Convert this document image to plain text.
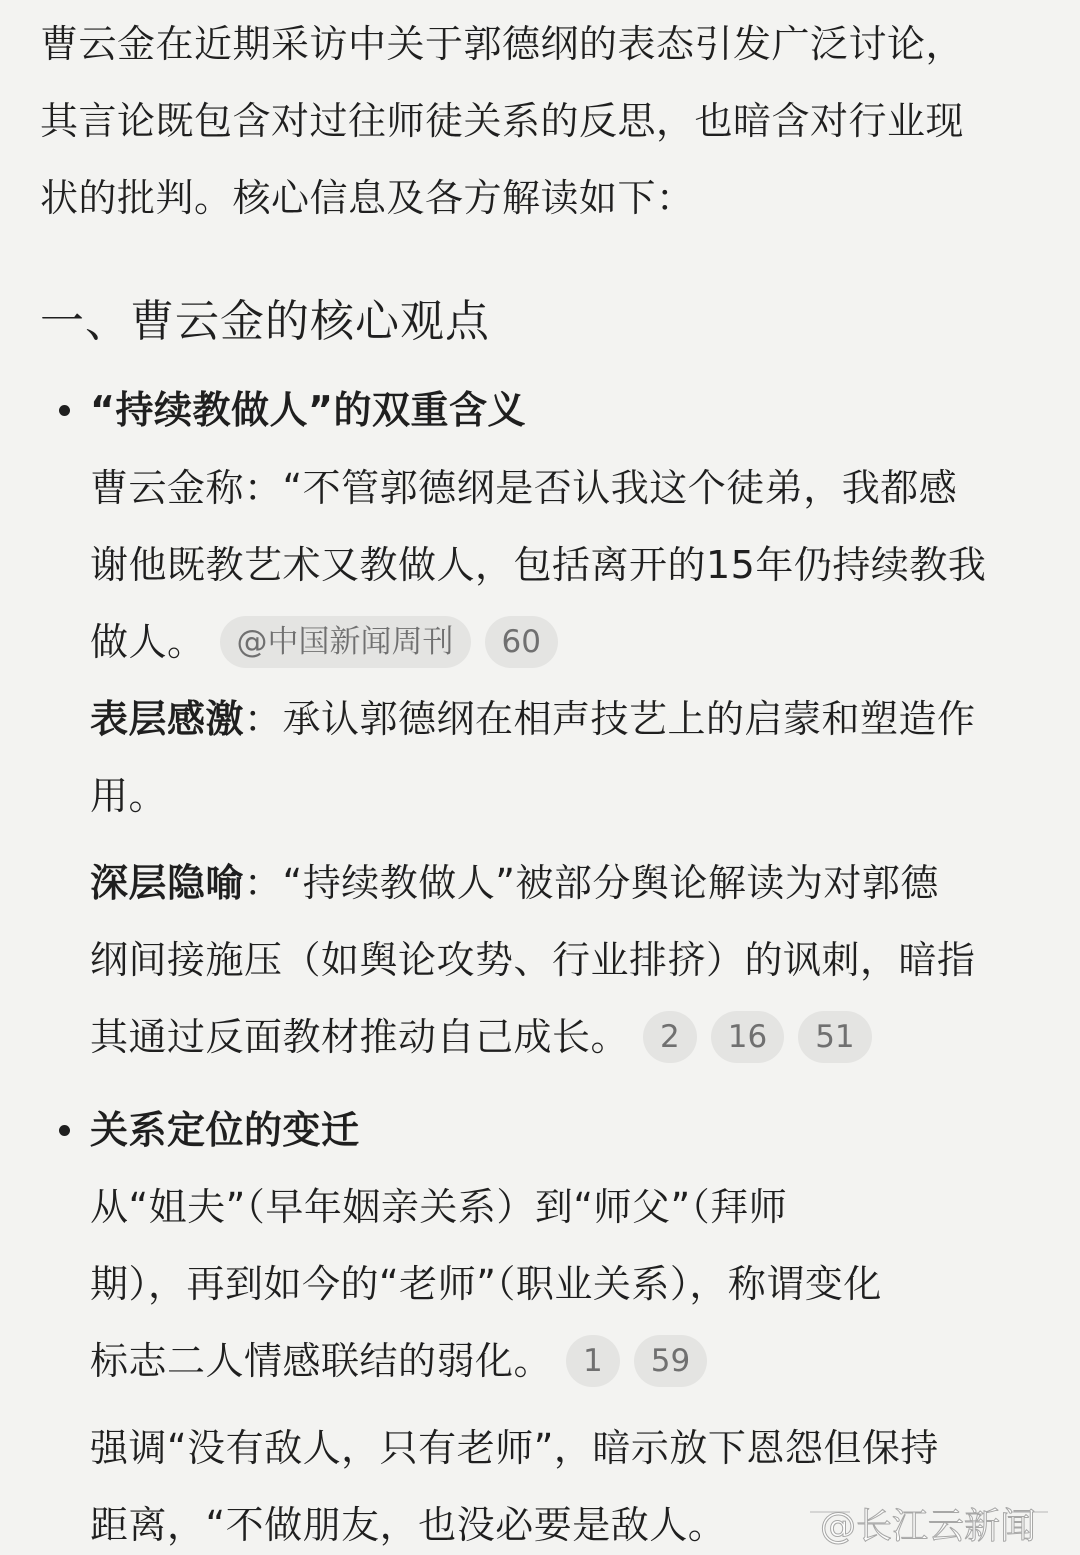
曹云金在近期采访中关于郭德纲的表态引发广泛讨论，
其言论既包含对过往师徒关系的反思，也暗含对行业现
状的批判。核心信息及各方解读如下：
一、曹云金的核心观点
“持续教做人”的双重含义
曹云金称：“不管郭德纲是否认我这个徒弟，我都感
谢他既教艺术又教做人，包括离开的15年仍持续教我
做人。 @中国新闻周刊 60
表层感激：承认郭德纲在相声技艺上的启蒙和塑造作
用。
深层隐喻：“持续教做人”被部分舆论解读为对郭德
纲间接施压（如舆论攻势、行业排挤）的讽刺，暗指
其通过反面教材推动自己成长。 2 16 51
关系定位的变迁
从“姐夫”（早年姻亲关系）到“师父”（拜师
期），再到如今的“老师”（职业关系），称谓变化
标志二人情感联结的弱化。 1 59
强调“没有敌人，只有老师”，暗示放下恩怨但保持
距离，“不做朋友，也没必要是敌人。	@长江云新闻
